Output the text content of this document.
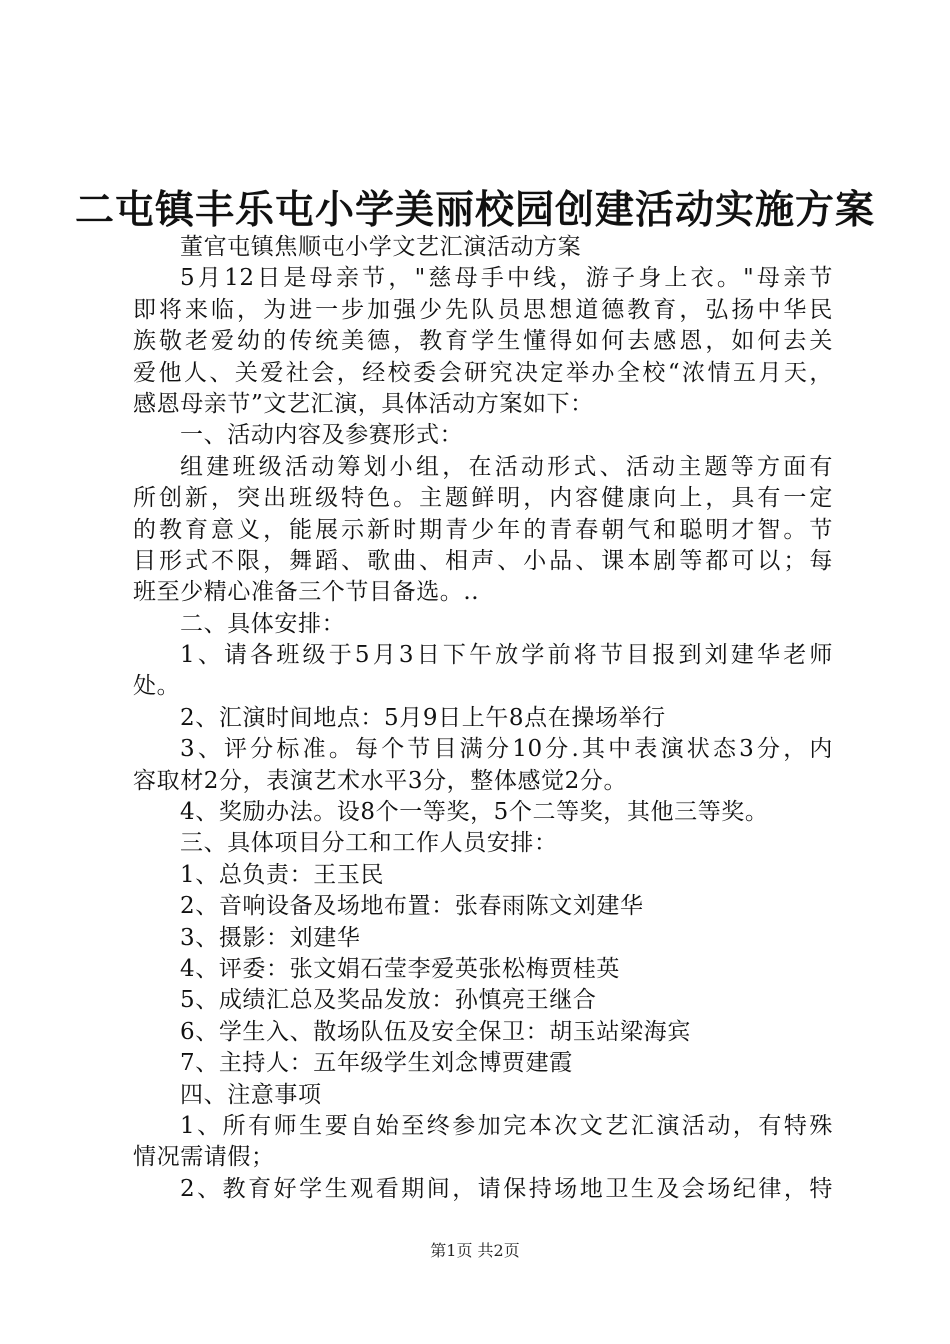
二屯镇丰乐屯小学美丽校园创建活动实施方案
董官屯镇焦顺屯小学文艺汇演活动方案
5月12日是母亲节，"慈母手中线，游子身上衣。"母亲节
即将来临，为进一步加强少先队员思想道德教育，弘扬中华民
族敬老爱幼的传统美德，教育学生懂得如何去感恩，如何去关
爱他人、关爱社会，经校委会研究决定举办全校“浓情五月天，
感恩母亲节”文艺汇演，具体活动方案如下：
一、活动内容及参赛形式：
组建班级活动筹划小组，在活动形式、活动主题等方面有
所创新，突出班级特色。主题鲜明，内容健康向上，具有一定
的教育意义，能展示新时期青少年的青春朝气和聪明才智。节
目形式不限，舞蹈、歌曲、相声、小品、课本剧等都可以；每
班至少精心准备三个节目备选。..
二、具体安排：
1、请各班级于5月3日下午放学前将节目报到刘建华老师
处。
2、汇演时间地点：5月9日上午8点在操场举行
3、评分标准。每个节目满分10分.其中表演状态3分，内
容取材2分，表演艺术水平3分，整体感觉2分。
4、奖励办法。设8个一等奖，5个二等奖，其他三等奖。
三、具体项目分工和工作人员安排：
1、总负责：王玉民
2、音响设备及场地布置：张春雨陈文刘建华
3、摄影：刘建华
4、评委：张文娟石莹李爱英张松梅贾桂英
5、成绩汇总及奖品发放：孙慎亮王继合
6、学生入、散场队伍及安全保卫：胡玉站梁海宾
7、主持人：五年级学生刘念博贾建霞
四、注意事项
1、所有师生要自始至终参加完本次文艺汇演活动，有特殊
情况需请假；
2、教育好学生观看期间，请保持场地卫生及会场纪律，特
第1页 共2页
